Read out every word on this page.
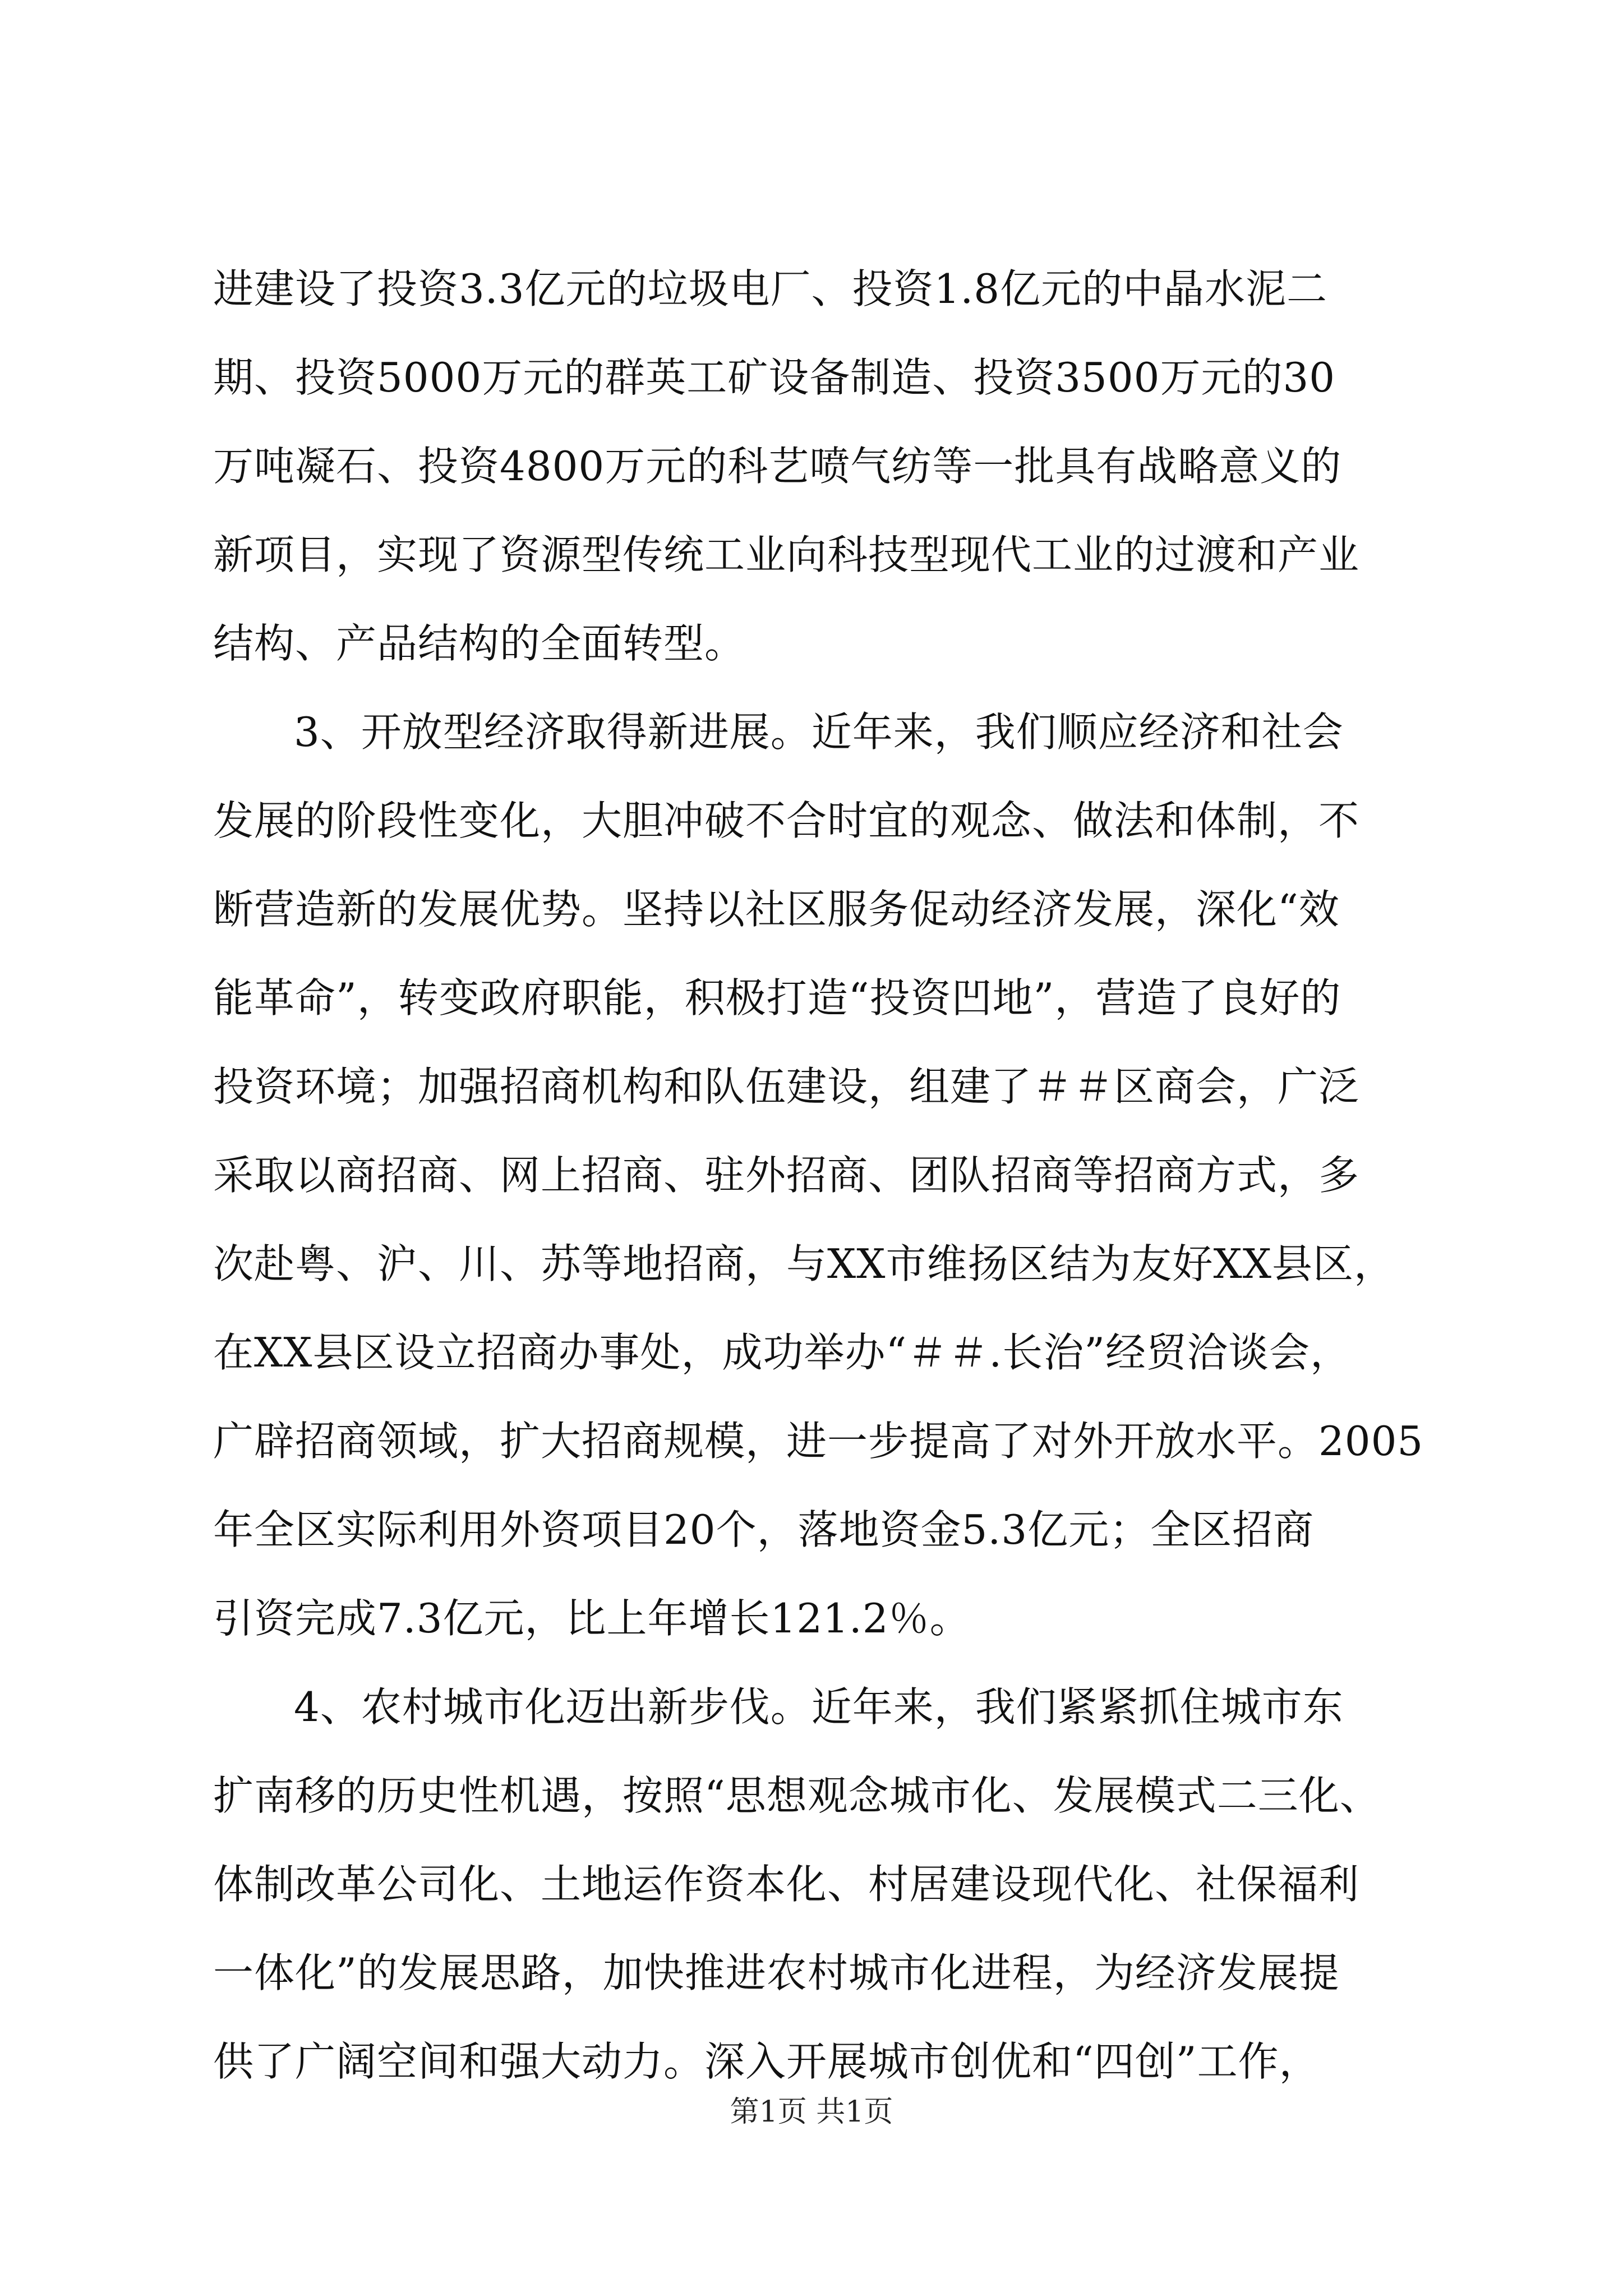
进建设了投资3.3亿元的垃圾电厂、投资1.8亿元的中晶水泥二
期、投资5000万元的群英工矿设备制造、投资3500万元的30
万吨凝石、投资4800万元的科艺喷气纺等一批具有战略意义的
新项目，实现了资源型传统工业向科技型现代工业的过渡和产业
结构、产品结构的全面转型。
3、开放型经济取得新进展。近年来，我们顺应经济和社会
发展的阶段性变化，大胆冲破不合时宜的观念、做法和体制，不
断营造新的发展优势。坚持以社区服务促动经济发展，深化“效
能革命”，转变政府职能，积极打造“投资凹地”，营造了良好的
投资环境；加强招商机构和队伍建设，组建了＃＃区商会，广泛
采取以商招商、网上招商、驻外招商、团队招商等招商方式，多
次赴粤、沪、川、苏等地招商，与XX市维扬区结为友好XX县区，
在XX县区设立招商办事处，成功举办“＃＃.长治”经贸洽谈会，
广辟招商领域，扩大招商规模，进一步提高了对外开放水平。2005
年全区实际利用外资项目20个，落地资金5.3亿元；全区招商
引资完成7.3亿元，比上年增长121.2％。
4、农村城市化迈出新步伐。近年来，我们紧紧抓住城市东
扩南移的历史性机遇，按照“思想观念城市化、发展模式二三化、
体制改革公司化、土地运作资本化、村居建设现代化、社保福利
一体化”的发展思路，加快推进农村城市化进程，为经济发展提
供了广阔空间和强大动力。深入开展城市创优和“四创”工作，
第1页 共1页
